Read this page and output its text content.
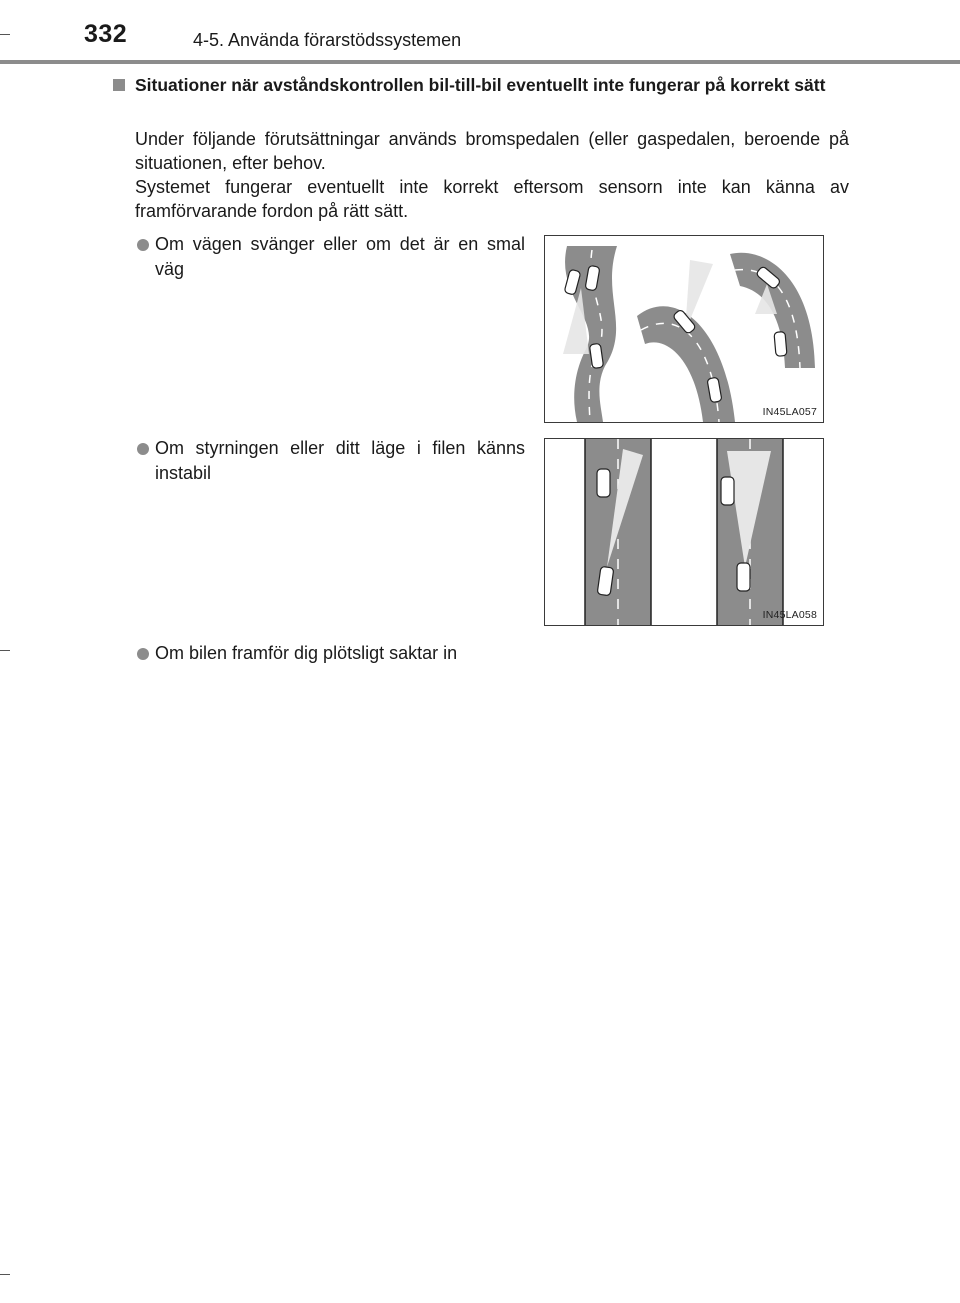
332	4-5. Använda förarstödssystemen
Situationer när avståndskontrollen bil-till-bil eventuellt inte fungerar på korrekt sätt

Under följande förutsättningar används bromspedalen (eller gaspedalen, beroende på situationen, efter behov.

Systemet fungerar eventuellt inte korrekt eftersom sensorn inte kan känna av framförvarande fordon på rätt sätt.

Om vägen svänger eller om det är en smal väg
IN45LA057
Om styrningen eller ditt läge i filen känns instabil
IN45LA058
Om bilen framför dig plötsligt saktar in
